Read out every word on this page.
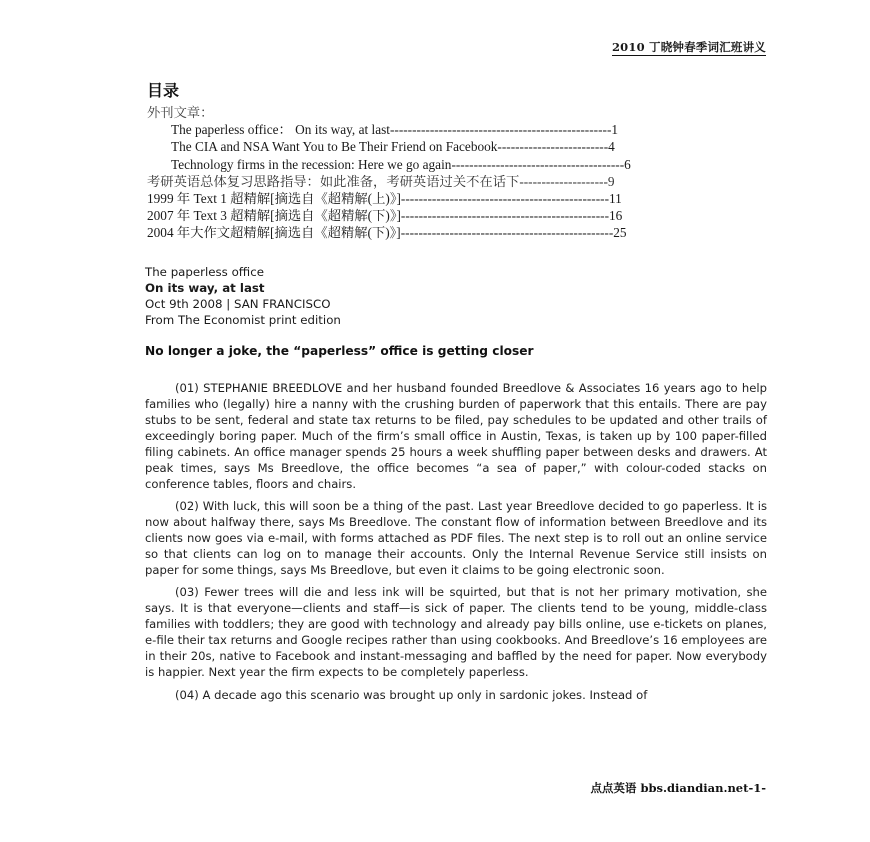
2010 丁晓钟春季词汇班讲义
目录
外刊文章：
The paperless office： On its way, at last -------------------------------------------------- 1
The CIA and NSA Want You to Be Their Friend on Facebook ------------------------- 4
Technology firms in the recession: Here we go again --------------------------------------- 6
考研英语总体复习思路指导：如此准备，考研英语过关不在话下 -------------------- 9
1999 年 Text 1 超精解[摘选自《超精解(上)》] ----------------------------------------------- 11
2007 年 Text 3 超精解[摘选自《超精解(下)》] ----------------------------------------------- 16
2004 年大作文超精解[摘选自《超精解(下)》] ------------------------------------------------ 25
The paperless office
On its way, at last
Oct 9th 2008 | SAN FRANCISCO
From The Economist print edition
No longer a joke, the “paperless” office is getting closer

(01) STEPHANIE BREEDLOVE and her husband founded Breedlove & Associates 16 years ago to help families who (legally) hire a nanny with the crushing burden of paperwork that this entails. There are pay stubs to be sent, federal and state tax returns to be filed, pay schedules to be updated and other trails of exceedingly boring paper. Much of the firm’s small office in Austin, Texas, is taken up by 100 paper-filled filing cabinets. An office manager spends 25 hours a week shuffling paper between desks and drawers. At peak times, says Ms Breedlove, the office becomes “a sea of paper,” with colour-coded stacks on conference tables, floors and chairs.

(02) With luck, this will soon be a thing of the past. Last year Breedlove decided to go paperless. It is now about halfway there, says Ms Breedlove. The constant flow of information between Breedlove and its clients now goes via e-mail, with forms attached as PDF files. The next step is to roll out an online service so that clients can log on to manage their accounts. Only the Internal Revenue Service still insists on paper for some things, says Ms Breedlove, but even it claims to be going electronic soon.

(03) Fewer trees will die and less ink will be squirted, but that is not her primary motivation, she says. It is that everyone—clients and staff—is sick of paper. The clients tend to be young, middle-class families with toddlers; they are good with technology and already pay bills online, use e-tickets on planes, e-file their tax returns and Google recipes rather than using cookbooks. And Breedlove’s 16 employees are in their 20s, native to Facebook and instant-messaging and baffled by the need for paper. Now everybody is happier. Next year the firm expects to be completely paperless.

(04) A decade ago this scenario was brought up only in sardonic jokes. Instead of

点点英语 bbs.diandian.net-1-
